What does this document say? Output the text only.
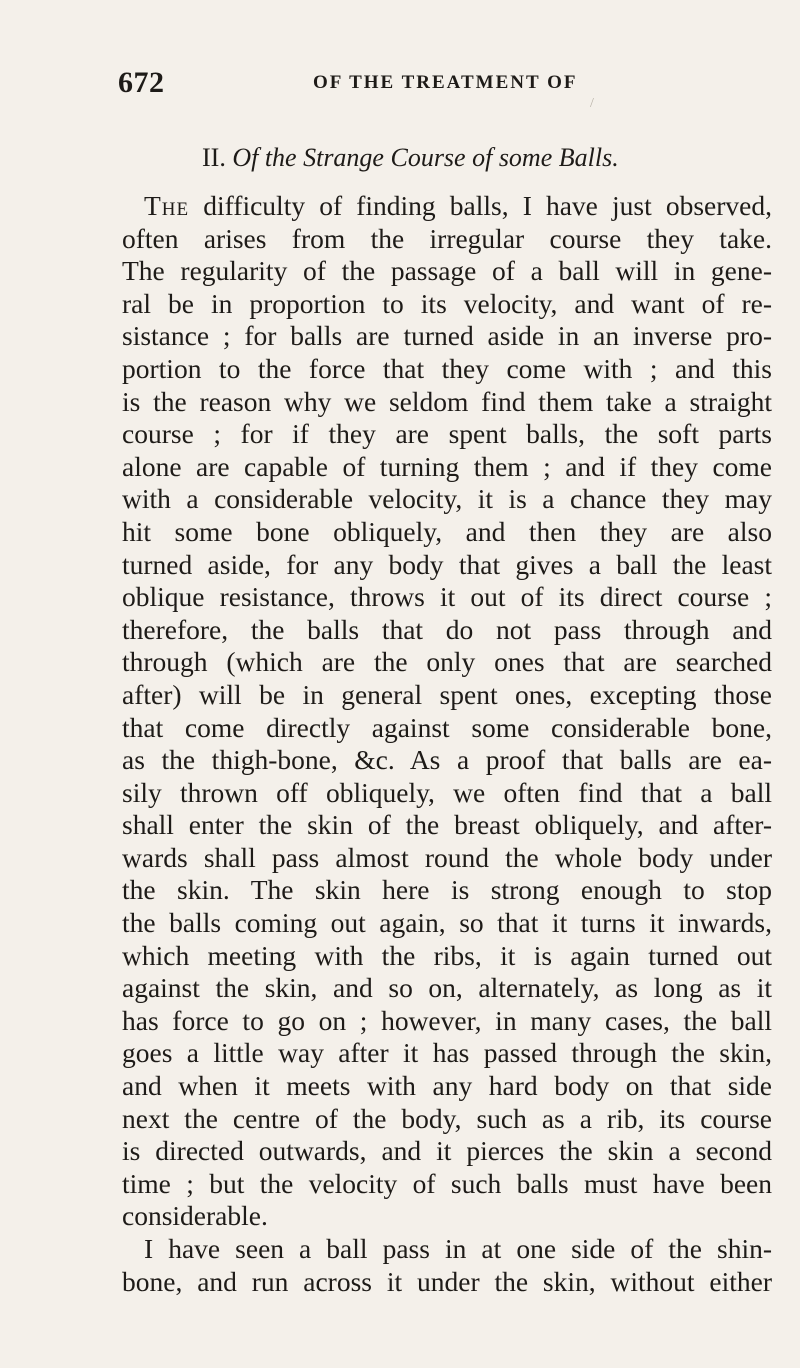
672	OF THE TREATMENT OF
II. Of the Strange Course of some Balls.
The difficulty of finding balls, I have just observed,
often arises from the irregular course they take.
The regularity of the passage of a ball will in gene-
ral be in proportion to its velocity, and want of re-
sistance ; for balls are turned aside in an inverse pro-
portion to the force that they come with ; and this
is the reason why we seldom find them take a straight
course ; for if they are spent balls, the soft parts
alone are capable of turning them ; and if they come
with a considerable velocity, it is a chance they may
hit some bone obliquely, and then they are also
turned aside, for any body that gives a ball the least
oblique resistance, throws it out of its direct course ;
therefore, the balls that do not pass through and
through (which are the only ones that are searched
after) will be in general spent ones, excepting those
that come directly against some considerable bone,
as the thigh-bone, &c. As a proof that balls are ea-
sily thrown off obliquely, we often find that a ball
shall enter the skin of the breast obliquely, and after-
wards shall pass almost round the whole body under
the skin. The skin here is strong enough to stop
the balls coming out again, so that it turns it inwards,
which meeting with the ribs, it is again turned out
against the skin, and so on, alternately, as long as it
has force to go on ; however, in many cases, the ball
goes a little way after it has passed through the skin,
and when it meets with any hard body on that side
next the centre of the body, such as a rib, its course
is directed outwards, and it pierces the skin a second
time ; but the velocity of such balls must have been
considerable.
I have seen a ball pass in at one side of the shin-
bone, and run across it under the skin, without either
/
